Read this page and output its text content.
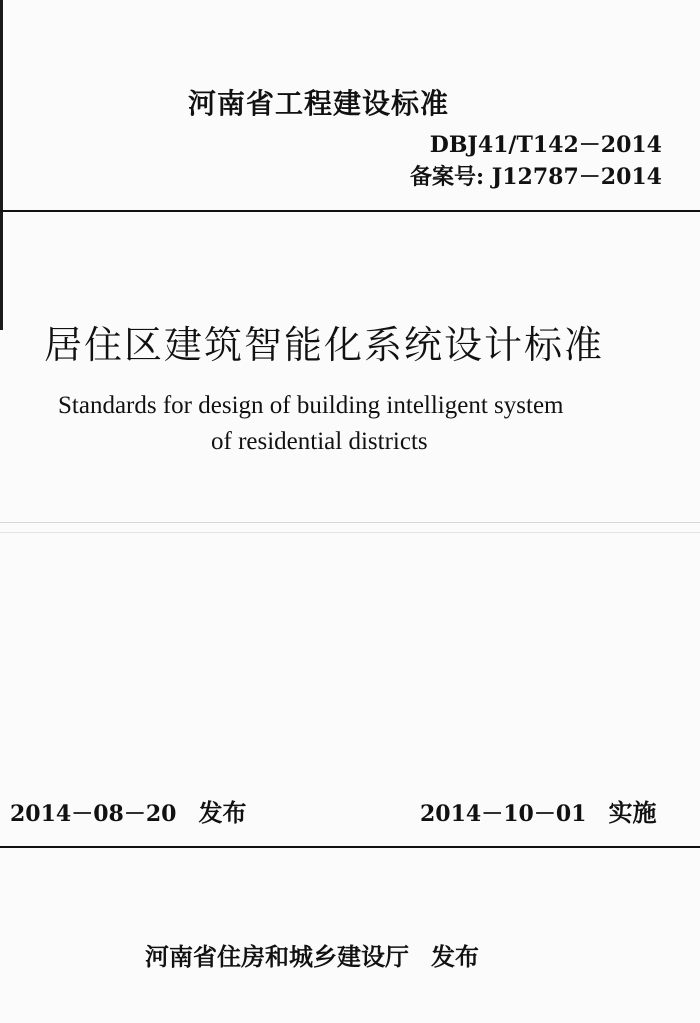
河南省工程建设标准
DBJ41/T142－2014
备案号: J12787－2014
居住区建筑智能化系统设计标准
Standards for design of building intelligent system
of residential districts
2014－08－20 发布	2014－10－01 实施
河南省住房和城乡建设厅 发布
